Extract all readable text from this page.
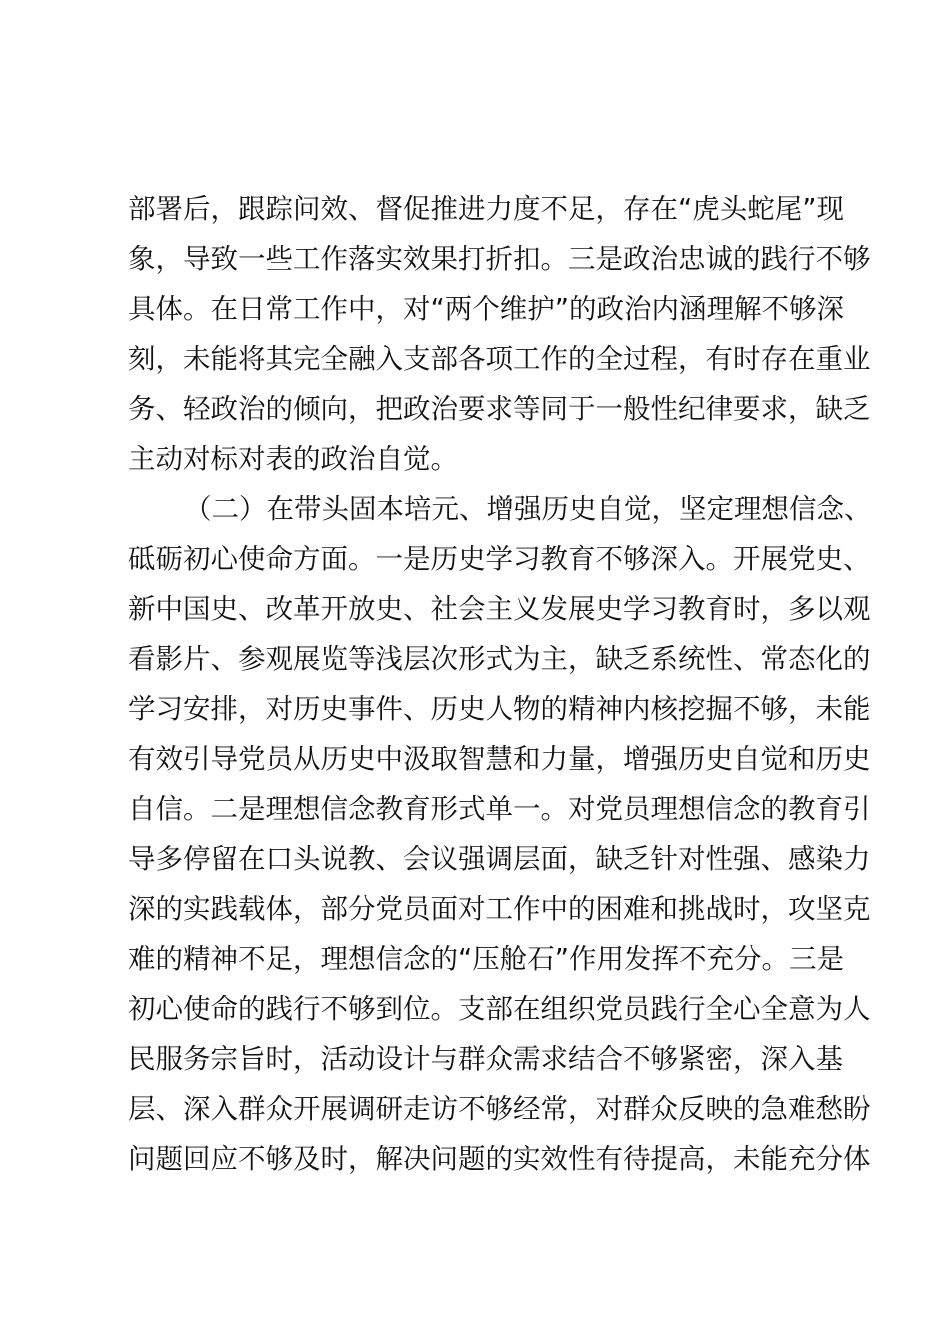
部署后，跟踪问效、督促推进力度不足，存在“虎头蛇尾”现
象，导致一些工作落实效果打折扣。三是政治忠诚的践行不够
具体。在日常工作中，对“两个维护”的政治内涵理解不够深
刻，未能将其完全融入支部各项工作的全过程，有时存在重业
务、轻政治的倾向，把政治要求等同于一般性纪律要求，缺乏
主动对标对表的政治自觉。
（二）在带头固本培元、增强历史自觉，坚定理想信念、
砥砺初心使命方面。一是历史学习教育不够深入。开展党史、
新中国史、改革开放史、社会主义发展史学习教育时，多以观
看影片、参观展览等浅层次形式为主，缺乏系统性、常态化的
学习安排，对历史事件、历史人物的精神内核挖掘不够，未能
有效引导党员从历史中汲取智慧和力量，增强历史自觉和历史
自信。二是理想信念教育形式单一。对党员理想信念的教育引
导多停留在口头说教、会议强调层面，缺乏针对性强、感染力
深的实践载体，部分党员面对工作中的困难和挑战时，攻坚克
难的精神不足，理想信念的“压舱石”作用发挥不充分。三是
初心使命的践行不够到位。支部在组织党员践行全心全意为人
民服务宗旨时，活动设计与群众需求结合不够紧密，深入基
层、深入群众开展调研走访不够经常，对群众反映的急难愁盼
问题回应不够及时，解决问题的实效性有待提高，未能充分体
